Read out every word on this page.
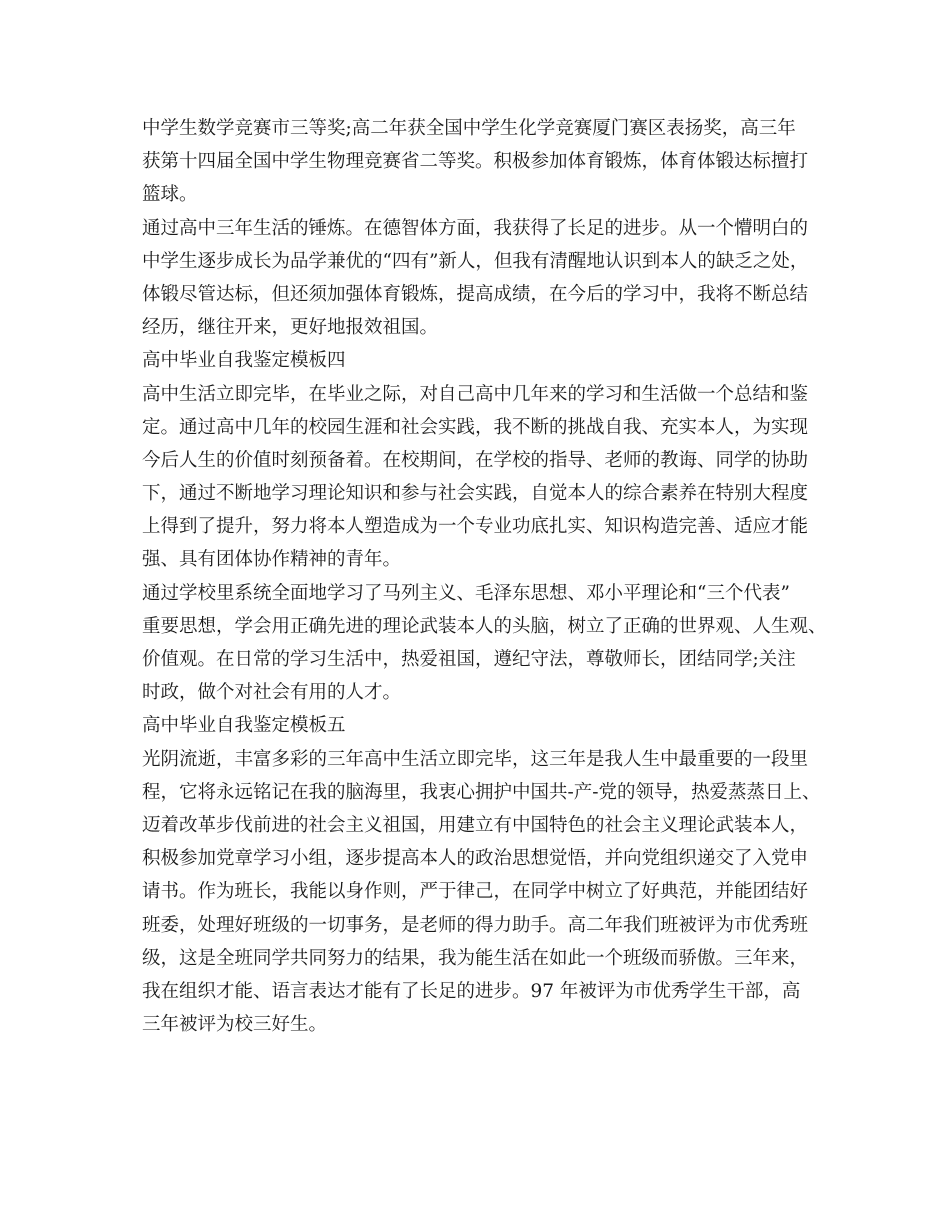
中学生数学竞赛市三等奖;高二年获全国中学生化学竞赛厦门赛区表扬奖，高三年
获第十四届全国中学生物理竞赛省二等奖。积极参加体育锻炼，体育体锻达标擅打
篮球。
通过高中三年生活的锤炼。在德智体方面，我获得了长足的进步。从一个懵明白的
中学生逐步成长为品学兼优的“四有”新人，但我有清醒地认识到本人的缺乏之处，
体锻尽管达标，但还须加强体育锻炼，提高成绩，在今后的学习中，我将不断总结
经历，继往开来，更好地报效祖国。
高中毕业自我鉴定模板四
高中生活立即完毕，在毕业之际，对自己高中几年来的学习和生活做一个总结和鉴
定。通过高中几年的校园生涯和社会实践，我不断的挑战自我、充实本人，为实现
今后人生的价值时刻预备着。在校期间，在学校的指导、老师的教诲、同学的协助
下，通过不断地学习理论知识和参与社会实践，自觉本人的综合素养在特别大程度
上得到了提升，努力将本人塑造成为一个专业功底扎实、知识构造完善、适应才能
强、具有团体协作精神的青年。
通过学校里系统全面地学习了马列主义、毛泽东思想、邓小平理论和“三个代表”
重要思想，学会用正确先进的理论武装本人的头脑，树立了正确的世界观、人生观、
价值观。在日常的学习生活中，热爱祖国，遵纪守法，尊敬师长，团结同学;关注
时政，做个对社会有用的人才。
高中毕业自我鉴定模板五
光阴流逝，丰富多彩的三年高中生活立即完毕，这三年是我人生中最重要的一段里
程，它将永远铭记在我的脑海里，我衷心拥护中国共-产-党的领导，热爱蒸蒸日上、
迈着改革步伐前进的社会主义祖国，用建立有中国特色的社会主义理论武装本人，
积极参加党章学习小组，逐步提高本人的政治思想觉悟，并向党组织递交了入党申
请书。作为班长，我能以身作则，严于律己，在同学中树立了好典范，并能团结好
班委，处理好班级的一切事务，是老师的得力助手。高二年我们班被评为市优秀班
级，这是全班同学共同努力的结果，我为能生活在如此一个班级而骄傲。三年来，
我在组织才能、语言表达才能有了长足的进步。97 年被评为市优秀学生干部，高
三年被评为校三好生。
